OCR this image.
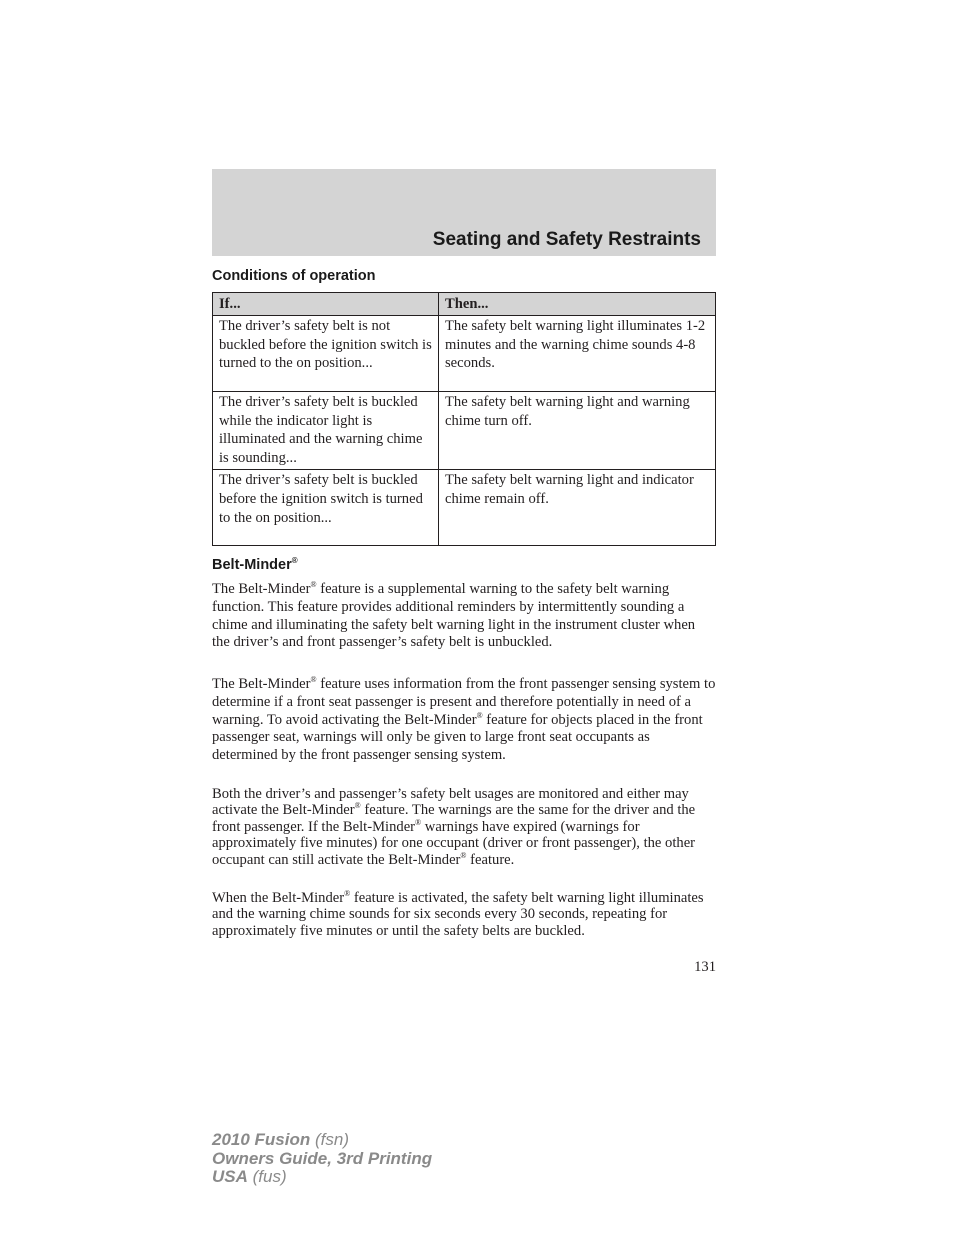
Seating and Safety Restraints
Conditions of operation
If...	Then...
The driver’s safety belt is not buckled before the ignition switch is turned to the on position...	The safety belt warning light illuminates 1-2 minutes and the warning chime sounds 4-8 seconds.
The driver’s safety belt is buckled while the indicator light is illuminated and the warning chime is sounding...	The safety belt warning light and warning chime turn off.
The driver’s safety belt is buckled before the ignition switch is turned to the on position...	The safety belt warning light and indicator chime remain off.
Belt-Minder®

The Belt-Minder® feature is a supplemental warning to the safety belt warning function. This feature provides additional reminders by intermittently sounding a chime and illuminating the safety belt warning light in the instrument cluster when the driver’s and front passenger’s safety belt is unbuckled.

The Belt-Minder® feature uses information from the front passenger sensing system to determine if a front seat passenger is present and therefore potentially in need of a warning. To avoid activating the Belt-Minder® feature for objects placed in the front passenger seat, warnings will only be given to large front seat occupants as determined by the front passenger sensing system.

Both the driver’s and passenger’s safety belt usages are monitored and either may activate the Belt-Minder® feature. The warnings are the same for the driver and the front passenger. If the Belt-Minder® warnings have expired (warnings for approximately five minutes) for one occupant (driver or front passenger), the other occupant can still activate the Belt-Minder® feature.

When the Belt-Minder® feature is activated, the safety belt warning light illuminates and the warning chime sounds for six seconds every 30 seconds, repeating for approximately five minutes or until the safety belts are buckled.

131

2010 Fusion (fsn)
Owners Guide, 3rd Printing
USA (fus)
